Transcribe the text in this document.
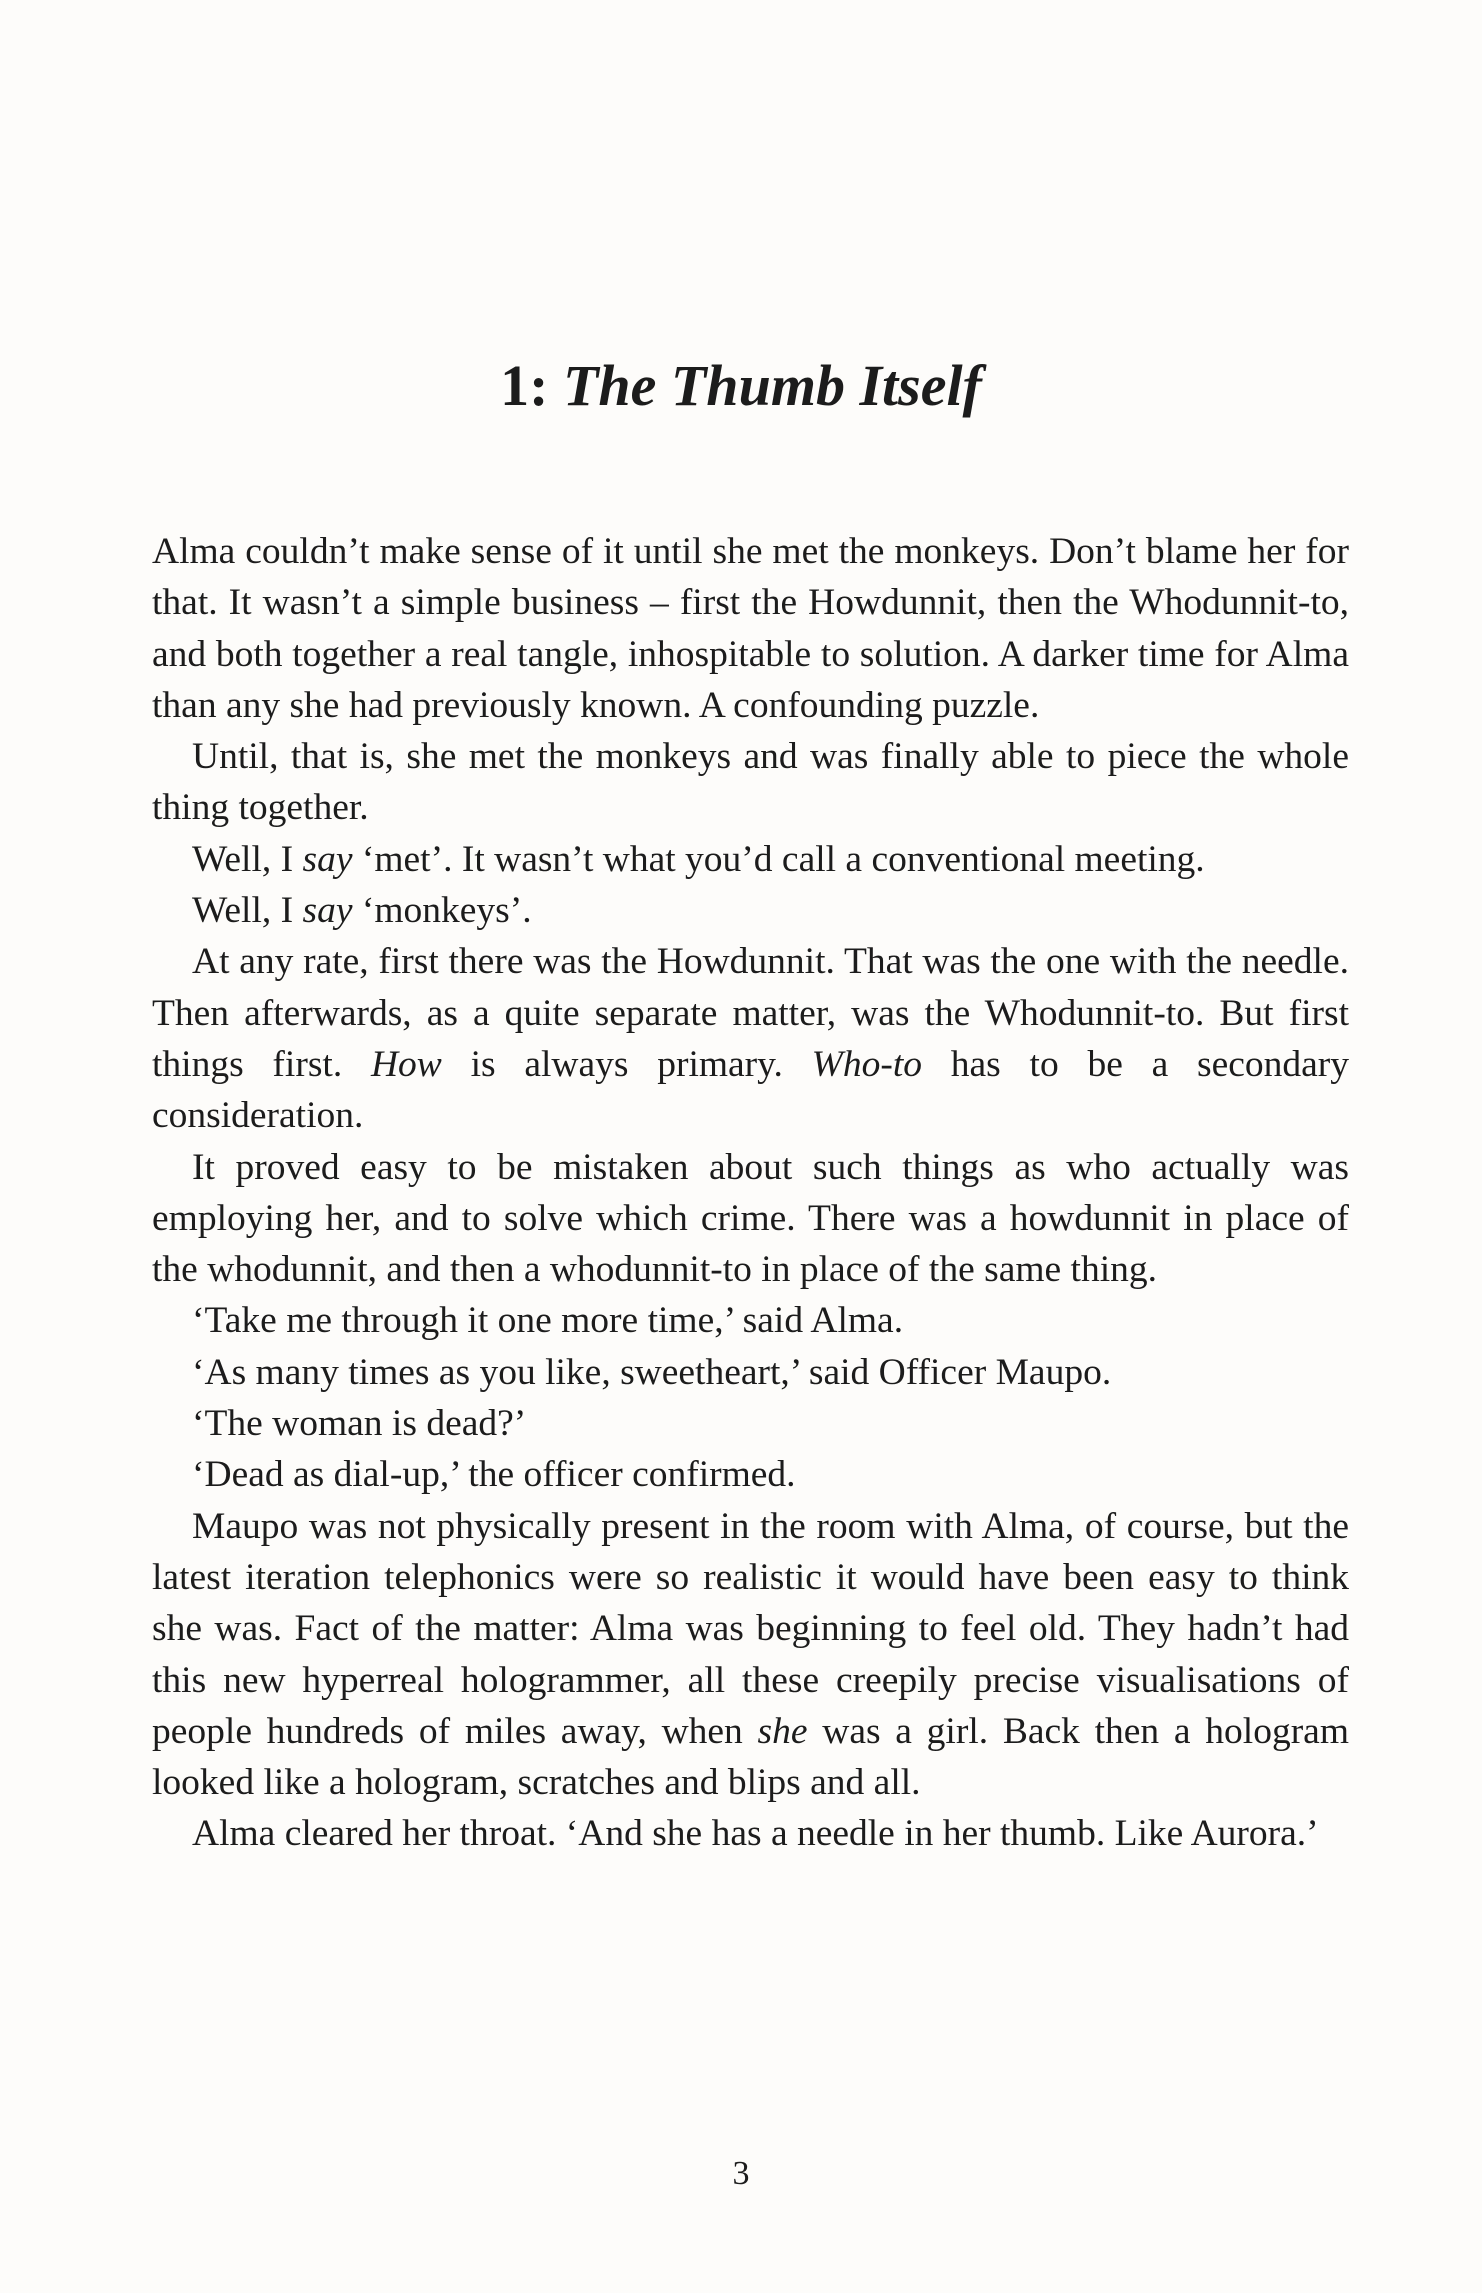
1: The Thumb Itself

Alma couldn’t make sense of it until she met the monkeys. Don’t blame her for that. It wasn’t a simple business – first the Howdunnit, then the Whodunnit-to, and both together a real tangle, inhospitable to solution. A darker time for Alma than any she had previously known. A confounding puzzle.

Until, that is, she met the monkeys and was finally able to piece the whole thing together.

Well, I say ‘met’. It wasn’t what you’d call a conventional meeting.

Well, I say ‘monkeys’.

At any rate, first there was the Howdunnit. That was the one with the needle. Then afterwards, as a quite separate matter, was the Whodunnit-to. But first things first. How is always primary. Who-to has to be a secondary consideration.

It proved easy to be mistaken about such things as who actually was employing her, and to solve which crime. There was a howdunnit in place of the whodunnit, and then a whodunnit-to in place of the same thing.

‘Take me through it one more time,’ said Alma.

‘As many times as you like, sweetheart,’ said Officer Maupo.

‘The woman is dead?’

‘Dead as dial-up,’ the officer confirmed.

Maupo was not physically present in the room with Alma, of course, but the latest iteration telephonics were so realistic it would have been easy to think she was. Fact of the matter: Alma was beginning to feel old. They hadn’t had this new hyperreal hologrammer, all these creepily precise visualisations of people hundreds of miles away, when she was a girl. Back then a hologram looked like a hologram, scratches and blips and all.

Alma cleared her throat. ‘And she has a needle in her thumb. Like Aurora.’

3
